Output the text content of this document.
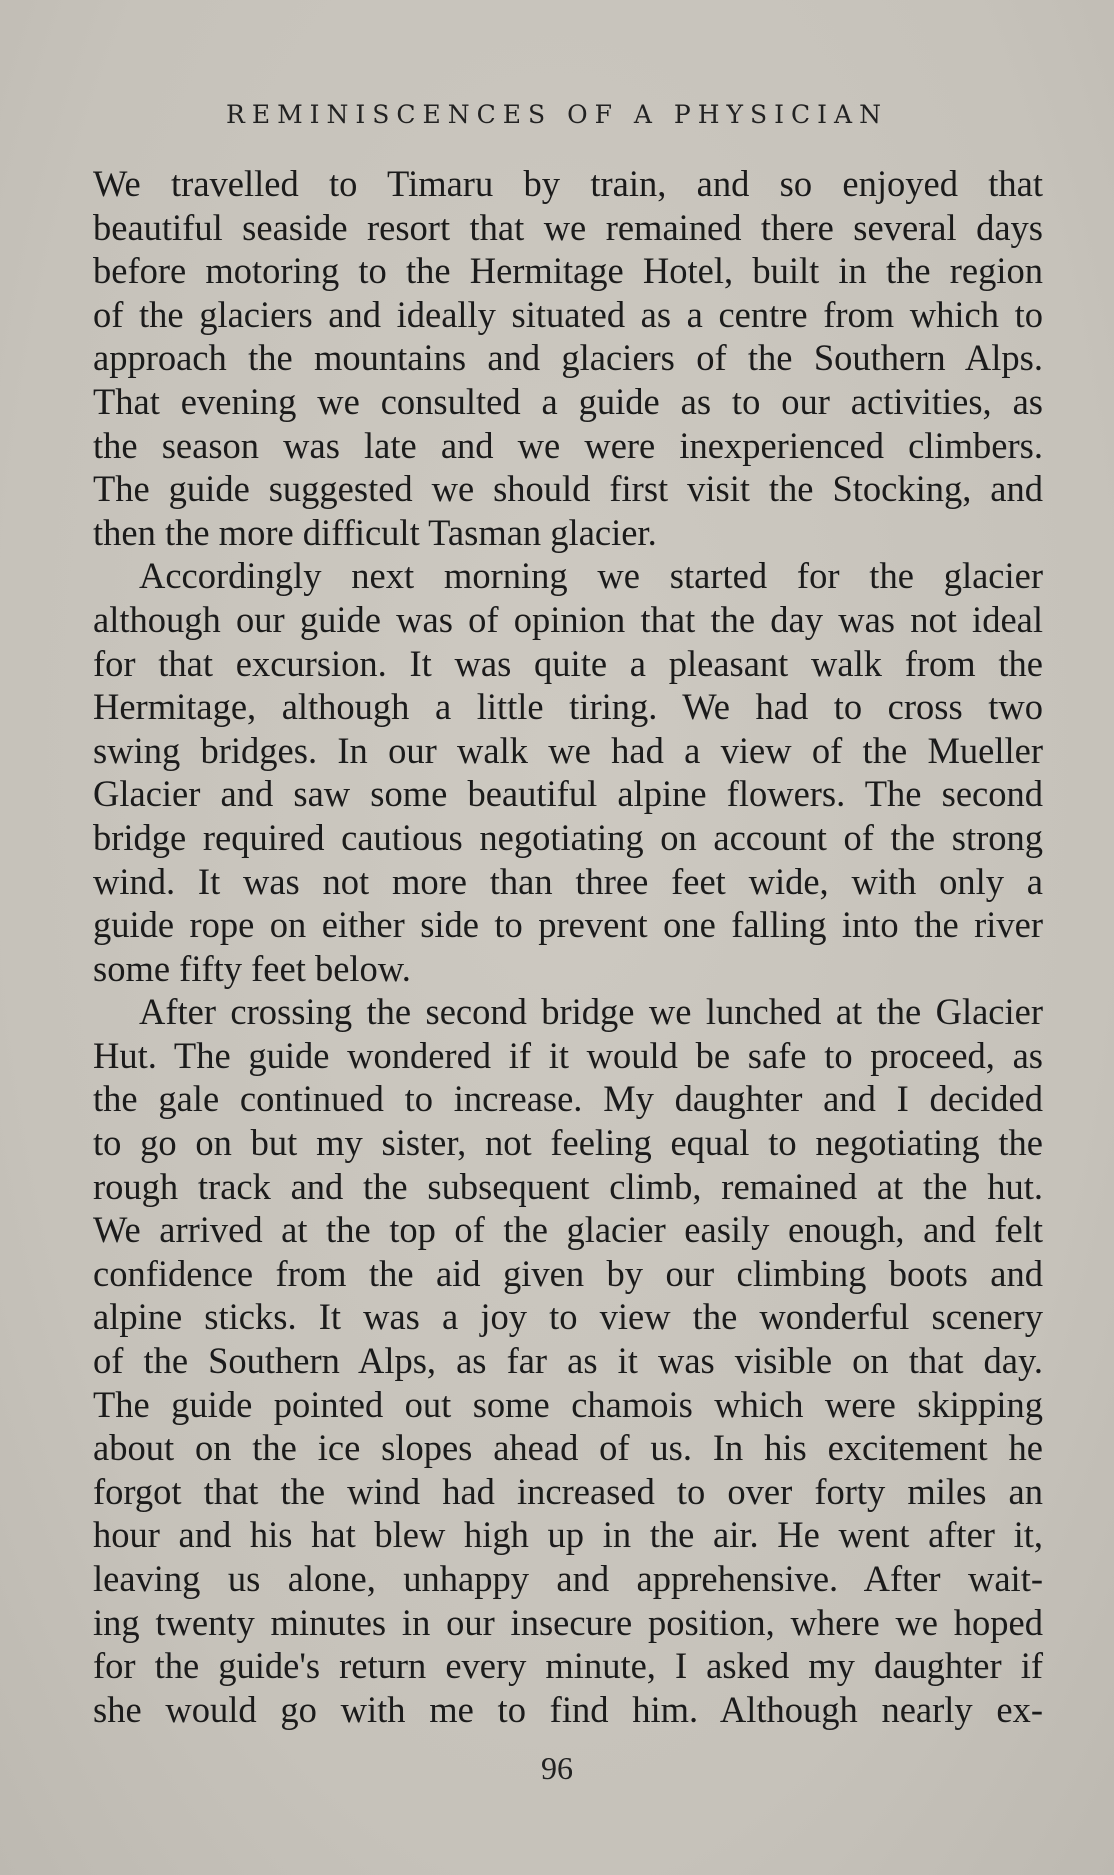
REMINISCENCES OF A PHYSICIAN
We travelled to Timaru by train, and so enjoyed that
beautiful seaside resort that we remained there several days
before motoring to the Hermitage Hotel, built in the region
of the glaciers and ideally situated as a centre from which to
approach the mountains and glaciers of the Southern Alps.
That evening we consulted a guide as to our activities, as
the season was late and we were inexperienced climbers.
The guide suggested we should first visit the Stocking, and
then the more difficult Tasman glacier.
Accordingly next morning we started for the glacier
although our guide was of opinion that the day was not ideal
for that excursion. It was quite a pleasant walk from the
Hermitage, although a little tiring. We had to cross two
swing bridges. In our walk we had a view of the Mueller
Glacier and saw some beautiful alpine flowers. The second
bridge required cautious negotiating on account of the strong
wind. It was not more than three feet wide, with only a
guide rope on either side to prevent one falling into the river
some fifty feet below.
After crossing the second bridge we lunched at the Glacier
Hut. The guide wondered if it would be safe to proceed, as
the gale continued to increase. My daughter and I decided
to go on but my sister, not feeling equal to negotiating the
rough track and the subsequent climb, remained at the hut.
We arrived at the top of the glacier easily enough, and felt
confidence from the aid given by our climbing boots and
alpine sticks. It was a joy to view the wonderful scenery
of the Southern Alps, as far as it was visible on that day.
The guide pointed out some chamois which were skipping
about on the ice slopes ahead of us. In his excitement he
forgot that the wind had increased to over forty miles an
hour and his hat blew high up in the air. He went after it,
leaving us alone, unhappy and apprehensive. After wait-
ing twenty minutes in our insecure position, where we hoped
for the guide's return every minute, I asked my daughter if
she would go with me to find him. Although nearly ex-
96
